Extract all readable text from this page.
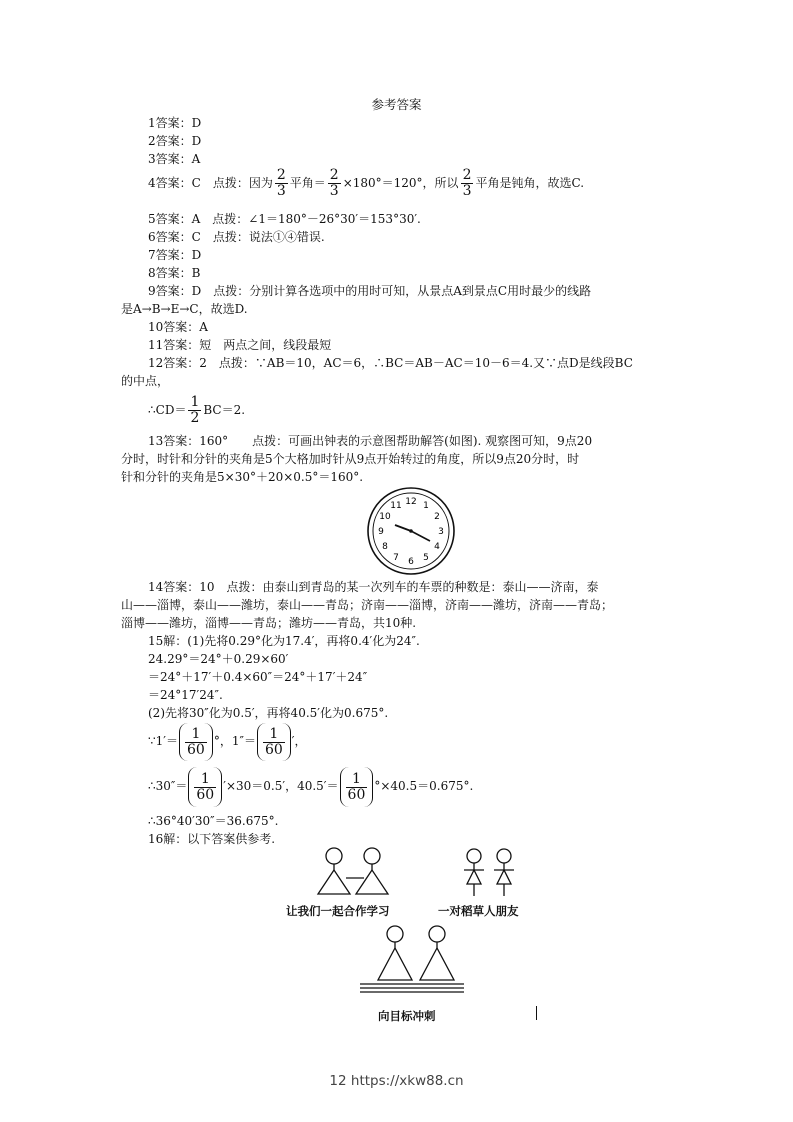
参考答案
1答案：D
2答案：D
3答案：A
4答案：C　点拨：因为 $\frac{2}{3}$ 平角＝ $\frac{2}{3} \times 180^\circ=120^\circ$，所以 $\frac{2}{3}$ 平角是钝角，故选C.
5答案：A　点拨：∠1＝180°－26°30′＝153°30′.
6答案：C　点拨：说法①④错误.
7答案：D
8答案：B
9答案：D　点拨：分别计算各选项中的用时可知，从景点A到景点C用时最少的线路
是A→B→E→C，故选D.
10答案：A
11答案：短　两点之间，线段最短
12答案：2　点拨：∵AB＝10，AC＝6，∴BC＝AB－AC＝10－6＝4.又∵点D是线段BC
的中点，
∴CD＝ $\frac{1}{2} BC=2$.
13答案：160°　　点拨：可画出钟表的示意图帮助解答(如图). 观察图可知，9点20
分时，时针和分针的夹角是5个大格加时针从9点开始转过的角度，所以9点20分时，时
针和分针的夹角是5×30°＋20×0.5°＝160°.
12 1
2
3
4
5
6
7
8
9
10
11
14答案：10　点拨：由泰山到青岛的某一次列车的车票的种数是：泰山——济南，泰
山——淄博，泰山——潍坊，泰山——青岛；济南——淄博，济南——潍坊，济南——青岛；
淄博——潍坊，淄博——青岛；潍坊——青岛，共10种.
15解：(1)先将0.29°化为17.4′，再将0.4′化为24″.
24.29°＝24°＋0.29×60′
＝24°＋17′＋0.4×60″＝24°＋17′＋24″
＝24°17′24″.
(2)先将30″化为0.5′，再将40.5′化为0.675°.
∵1′＝ $\frac{1}{60}$ °，$1''= \frac{1}{60}$ ′，
∴30″＝ $\frac{1}{60} '\times 30=0.5'$，$40.5'= \frac{1}{60} ^\circ\times 40.5=0.675^\circ$.
∴36°40′30″＝36.675°.
16解：以下答案供参考.
让我们一起合作学习	一对稻草人朋友
向目标冲刺
12 https://xkw88.cn
